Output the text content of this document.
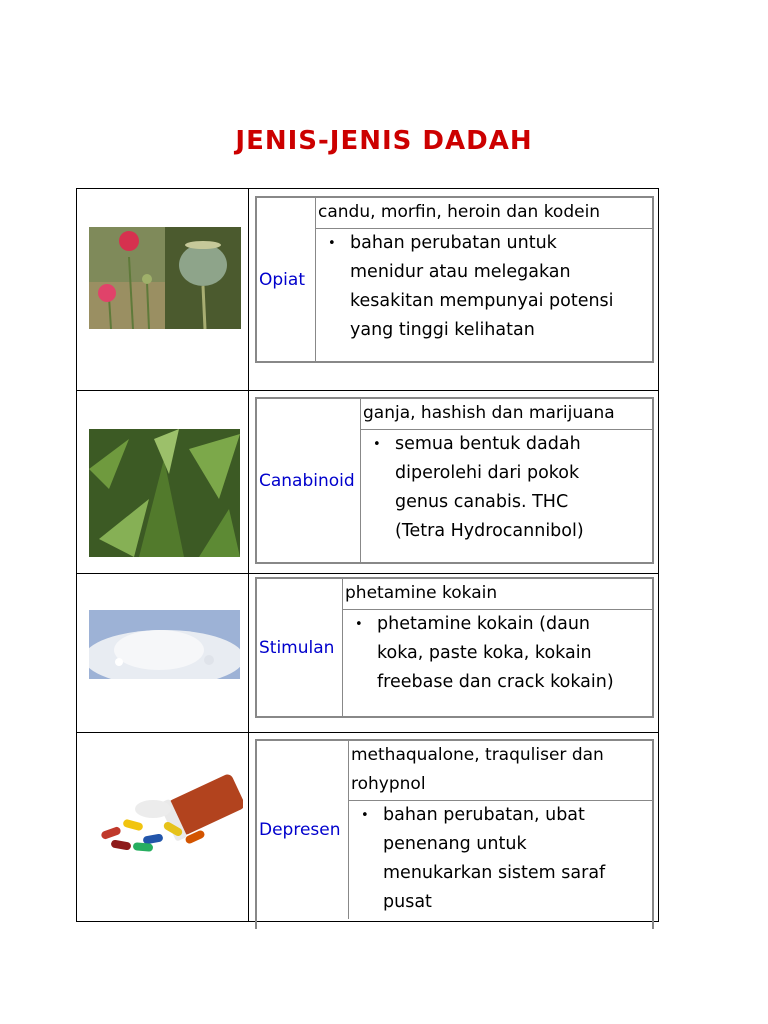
JENIS-JENIS DADAH
Opiat
candu, morfin, heroin dan kodein
• bahan perubatan untuk
menidur atau melegakan
kesakitan mempunyai potensi
yang tinggi kelihatan
Canabinoid
ganja, hashish dan marijuana
• semua bentuk dadah
diperolehi dari pokok
genus canabis. THC
(Tetra Hydrocannibol)
Stimulan
phetamine kokain
• phetamine kokain (daun
koka, paste koka, kokain
freebase dan crack kokain)
Depresen
methaqualone, traquliser dan
rohypnol
• bahan perubatan, ubat
penenang untuk
menukarkan sistem saraf
pusat
